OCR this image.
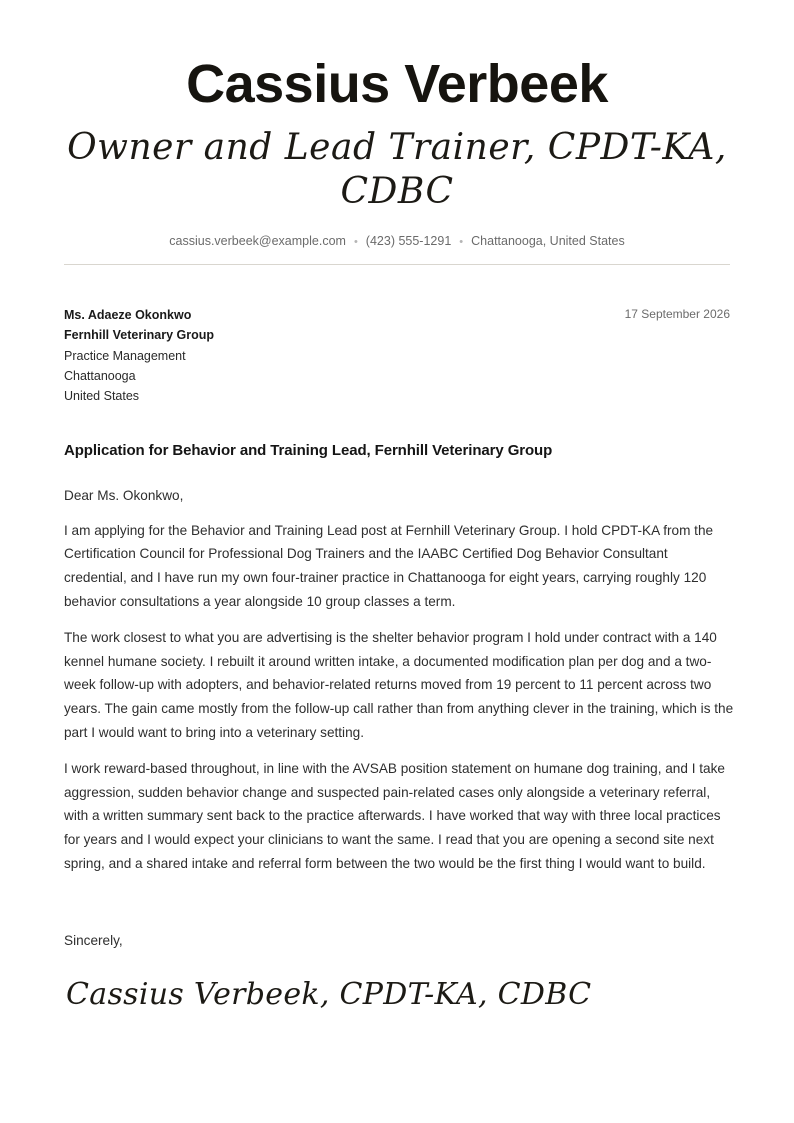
Cassius Verbeek
Owner and Lead Trainer, CPDT-KA, CDBC
cassius.verbeek@example.com • (423) 555-1291 • Chattanooga, United States
Ms. Adaeze Okonkwo
Fernhill Veterinary Group
Practice Management
Chattanooga
United States
17 September 2026
Application for Behavior and Training Lead, Fernhill Veterinary Group

Dear Ms. Okonkwo,

I am applying for the Behavior and Training Lead post at Fernhill Veterinary Group. I hold CPDT-KA from the Certification Council for Professional Dog Trainers and the IAABC Certified Dog Behavior Consultant credential, and I have run my own four-trainer practice in Chattanooga for eight years, carrying roughly 120 behavior consultations a year alongside 10 group classes a term.

The work closest to what you are advertising is the shelter behavior program I hold under contract with a 140 kennel humane society. I rebuilt it around written intake, a documented modification plan per dog and a two-week follow-up with adopters, and behavior-related returns moved from 19 percent to 11 percent across two years. The gain came mostly from the follow-up call rather than from anything clever in the training, which is the part I would want to bring into a veterinary setting.

I work reward-based throughout, in line with the AVSAB position statement on humane dog training, and I take aggression, sudden behavior change and suspected pain-related cases only alongside a veterinary referral, with a written summary sent back to the practice afterwards. I have worked that way with three local practices for years and I would expect your clinicians to want the same. I read that you are opening a second site next spring, and a shared intake and referral form between the two would be the first thing I would want to build.

Sincerely,
Cassius Verbeek, CPDT-KA, CDBC
